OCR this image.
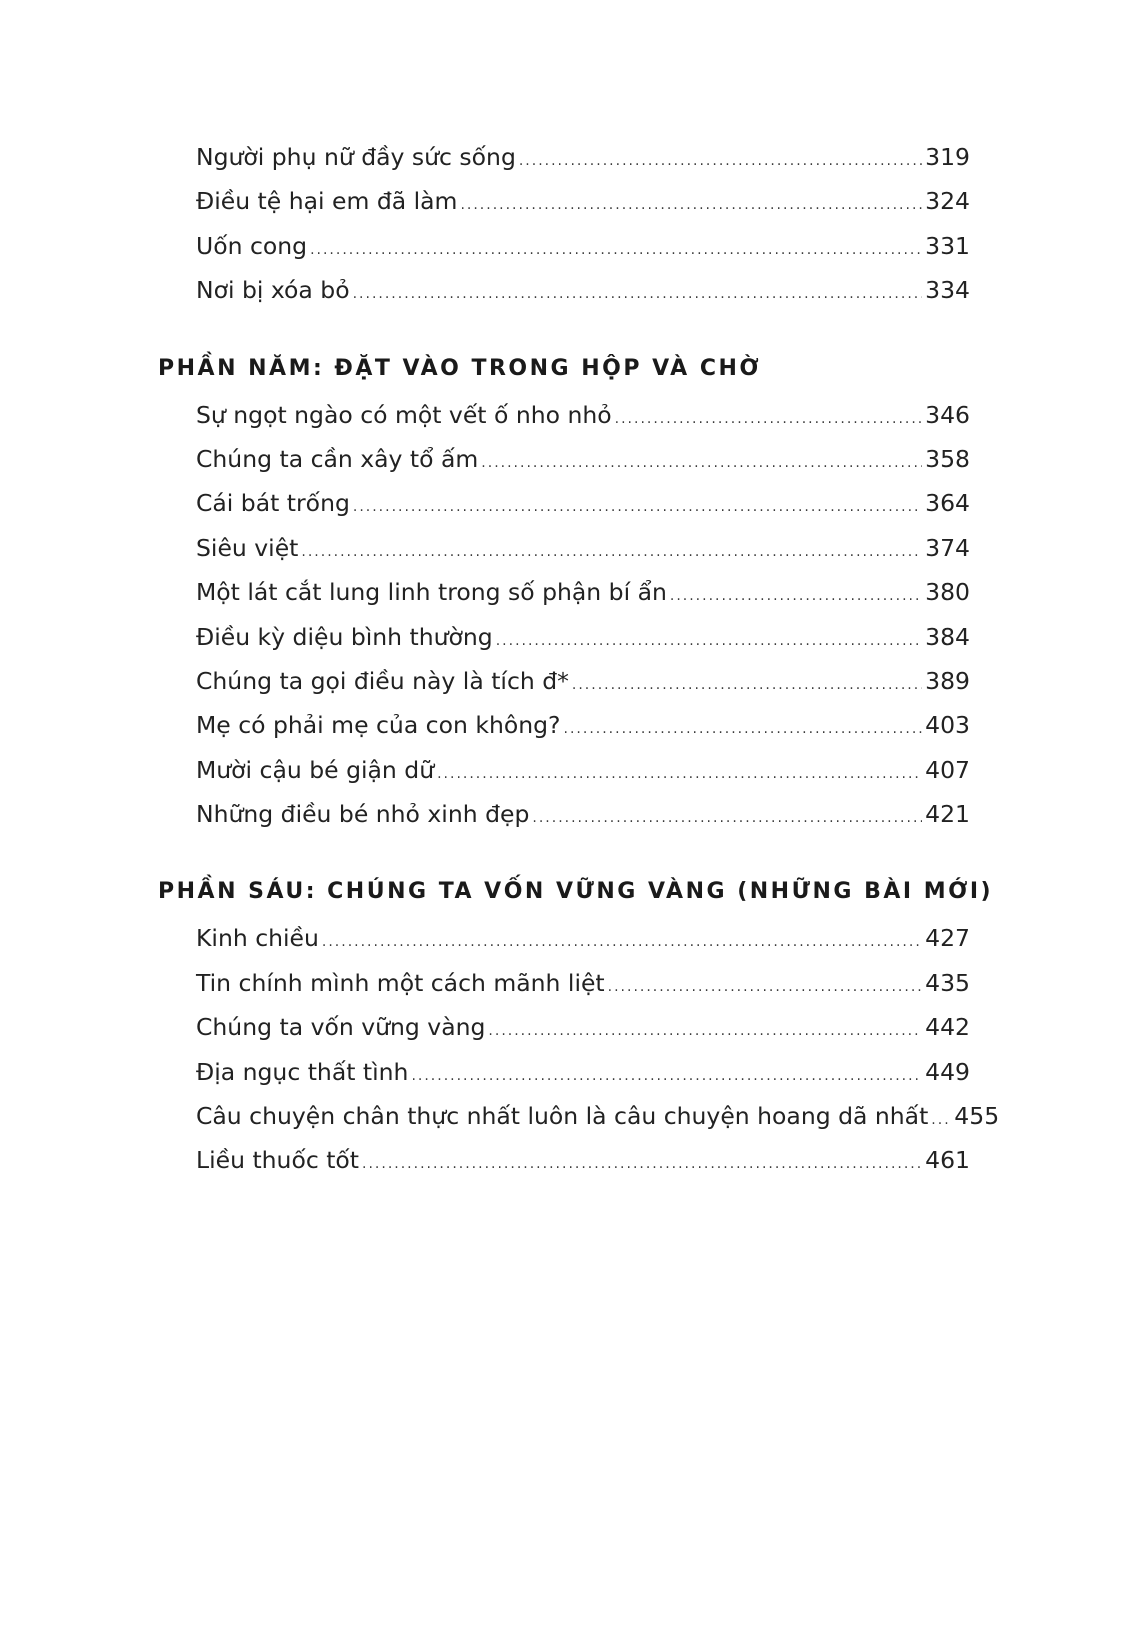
Người phụ nữ đầy sức sống .....	319
Điều tệ hại em đã làm .....	324
Uốn cong .....	331
Nơi bị xóa bỏ .....	334
PHẦN NĂM: ĐẶT VÀO TRONG HỘP VÀ CHỜ
Sự ngọt ngào có một vết ố nho nhỏ .....	346
Chúng ta cần xây tổ ấm .....	358
Cái bát trống .....	364
Siêu việt .....	374
Một lát cắt lung linh trong số phận bí ẩn .....	380
Điều kỳ diệu bình thường .....	384
Chúng ta gọi điều này là tích đ* .....	389
Mẹ có phải mẹ của con không? .....	403
Mười cậu bé giận dữ .....	407
Những điều bé nhỏ xinh đẹp .....	421
PHẦN SÁU: CHÚNG TA VỐN VỮNG VÀNG (NHỮNG BÀI MỚI)
Kinh chiều .....	427
Tin chính mình một cách mãnh liệt .....	435
Chúng ta vốn vững vàng .....	442
Địa ngục thất tình .....	449
Câu chuyện chân thực nhất luôn là câu chuyện hoang dã nhất ..... 455
Liều thuốc tốt .....	461
